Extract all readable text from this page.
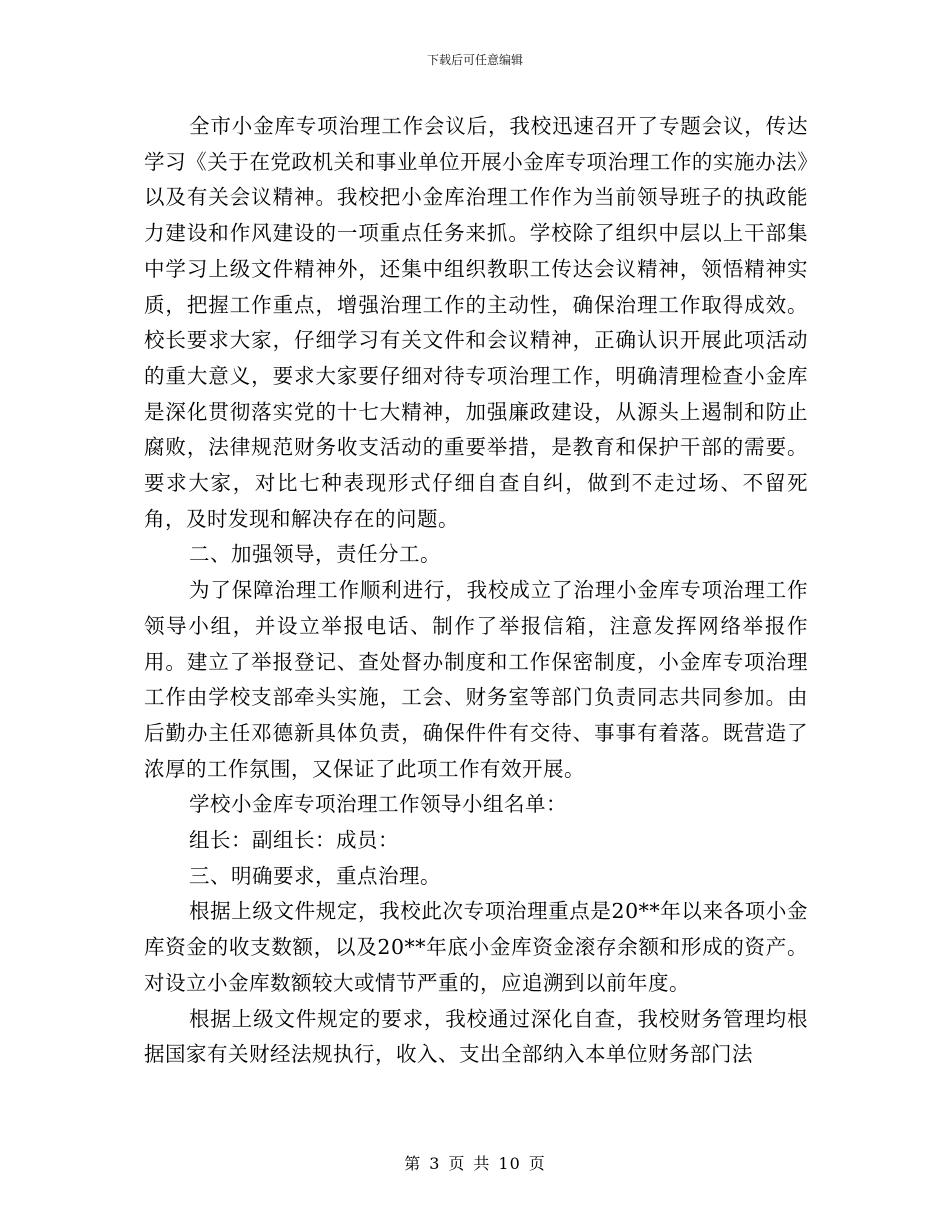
下载后可任意编辑

全市小金库专项治理工作会议后，我校迅速召开了专题会议，传达学习《关于在党政机关和事业单位开展小金库专项治理工作的实施办法》以及有关会议精神。我校把小金库治理工作作为当前领导班子的执政能力建设和作风建设的一项重点任务来抓。学校除了组织中层以上干部集中学习上级文件精神外，还集中组织教职工传达会议精神，领悟精神实质，把握工作重点，增强治理工作的主动性，确保治理工作取得成效。校长要求大家，仔细学习有关文件和会议精神，正确认识开展此项活动的重大意义，要求大家要仔细对待专项治理工作，明确清理检查小金库是深化贯彻落实党的十七大精神，加强廉政建设，从源头上遏制和防止腐败，法律规范财务收支活动的重要举措，是教育和保护干部的需要。要求大家，对比七种表现形式仔细自查自纠，做到不走过场、不留死角，及时发现和解决存在的问题。

二、加强领导，责任分工。

为了保障治理工作顺利进行，我校成立了治理小金库专项治理工作领导小组，并设立举报电话、制作了举报信箱，注意发挥网络举报作用。建立了举报登记、查处督办制度和工作保密制度，小金库专项治理工作由学校支部牵头实施，工会、财务室等部门负责同志共同参加。由后勤办主任邓德新具体负责，确保件件有交待、事事有着落。既营造了浓厚的工作氛围，又保证了此项工作有效开展。

学校小金库专项治理工作领导小组名单：

组长：副组长：成员：

三、明确要求，重点治理。

根据上级文件规定，我校此次专项治理重点是20**年以来各项小金库资金的收支数额，以及20**年底小金库资金滚存余额和形成的资产。对设立小金库数额较大或情节严重的，应追溯到以前年度。

根据上级文件规定的要求，我校通过深化自查，我校财务管理均根据国家有关财经法规执行，收入、支出全部纳入本单位财务部门法

第 3 页 共 10 页
